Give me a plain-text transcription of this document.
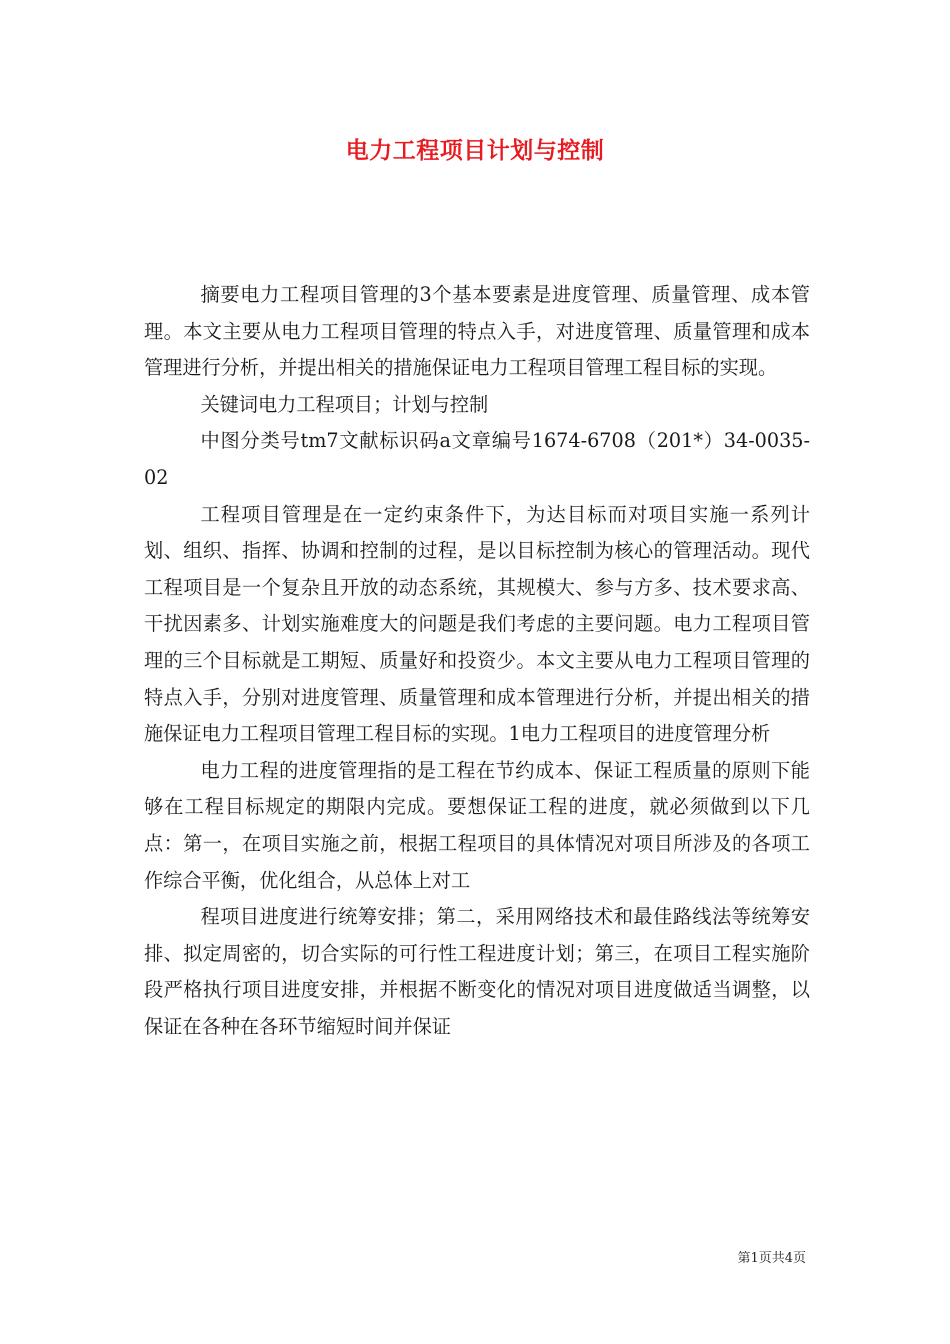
电力工程项目计划与控制

摘要电力工程项目管理的3个基本要素是进度管理、质量管理、成本管理。本文主要从电力工程项目管理的特点入手，对进度管理、质量管理和成本管理进行分析，并提出相关的措施保证电力工程项目管理工程目标的实现。

关键词电力工程项目；计划与控制

中图分类号tm7文献标识码a文章编号1674-6708（201*）34-0035-02

工程项目管理是在一定约束条件下，为达目标而对项目实施一系列计划、组织、指挥、协调和控制的过程，是以目标控制为核心的管理活动。现代工程项目是一个复杂且开放的动态系统，其规模大、参与方多、技术要求高、干扰因素多、计划实施难度大的问题是我们考虑的主要问题。电力工程项目管理的三个目标就是工期短、质量好和投资少。本文主要从电力工程项目管理的特点入手，分别对进度管理、质量管理和成本管理进行分析，并提出相关的措施保证电力工程项目管理工程目标的实现。1电力工程项目的进度管理分析

电力工程的进度管理指的是工程在节约成本、保证工程质量的原则下能够在工程目标规定的期限内完成。要想保证工程的进度，就必须做到以下几点：第一，在项目实施之前，根据工程项目的具体情况对项目所涉及的各项工作综合平衡，优化组合，从总体上对工

程项目进度进行统筹安排；第二，采用网络技术和最佳路线法等统筹安排、拟定周密的，切合实际的可行性工程进度计划；第三，在项目工程实施阶段严格执行项目进度安排，并根据不断变化的情况对项目进度做适当调整，以保证在各种在各环节缩短时间并保证

第1页共4页
